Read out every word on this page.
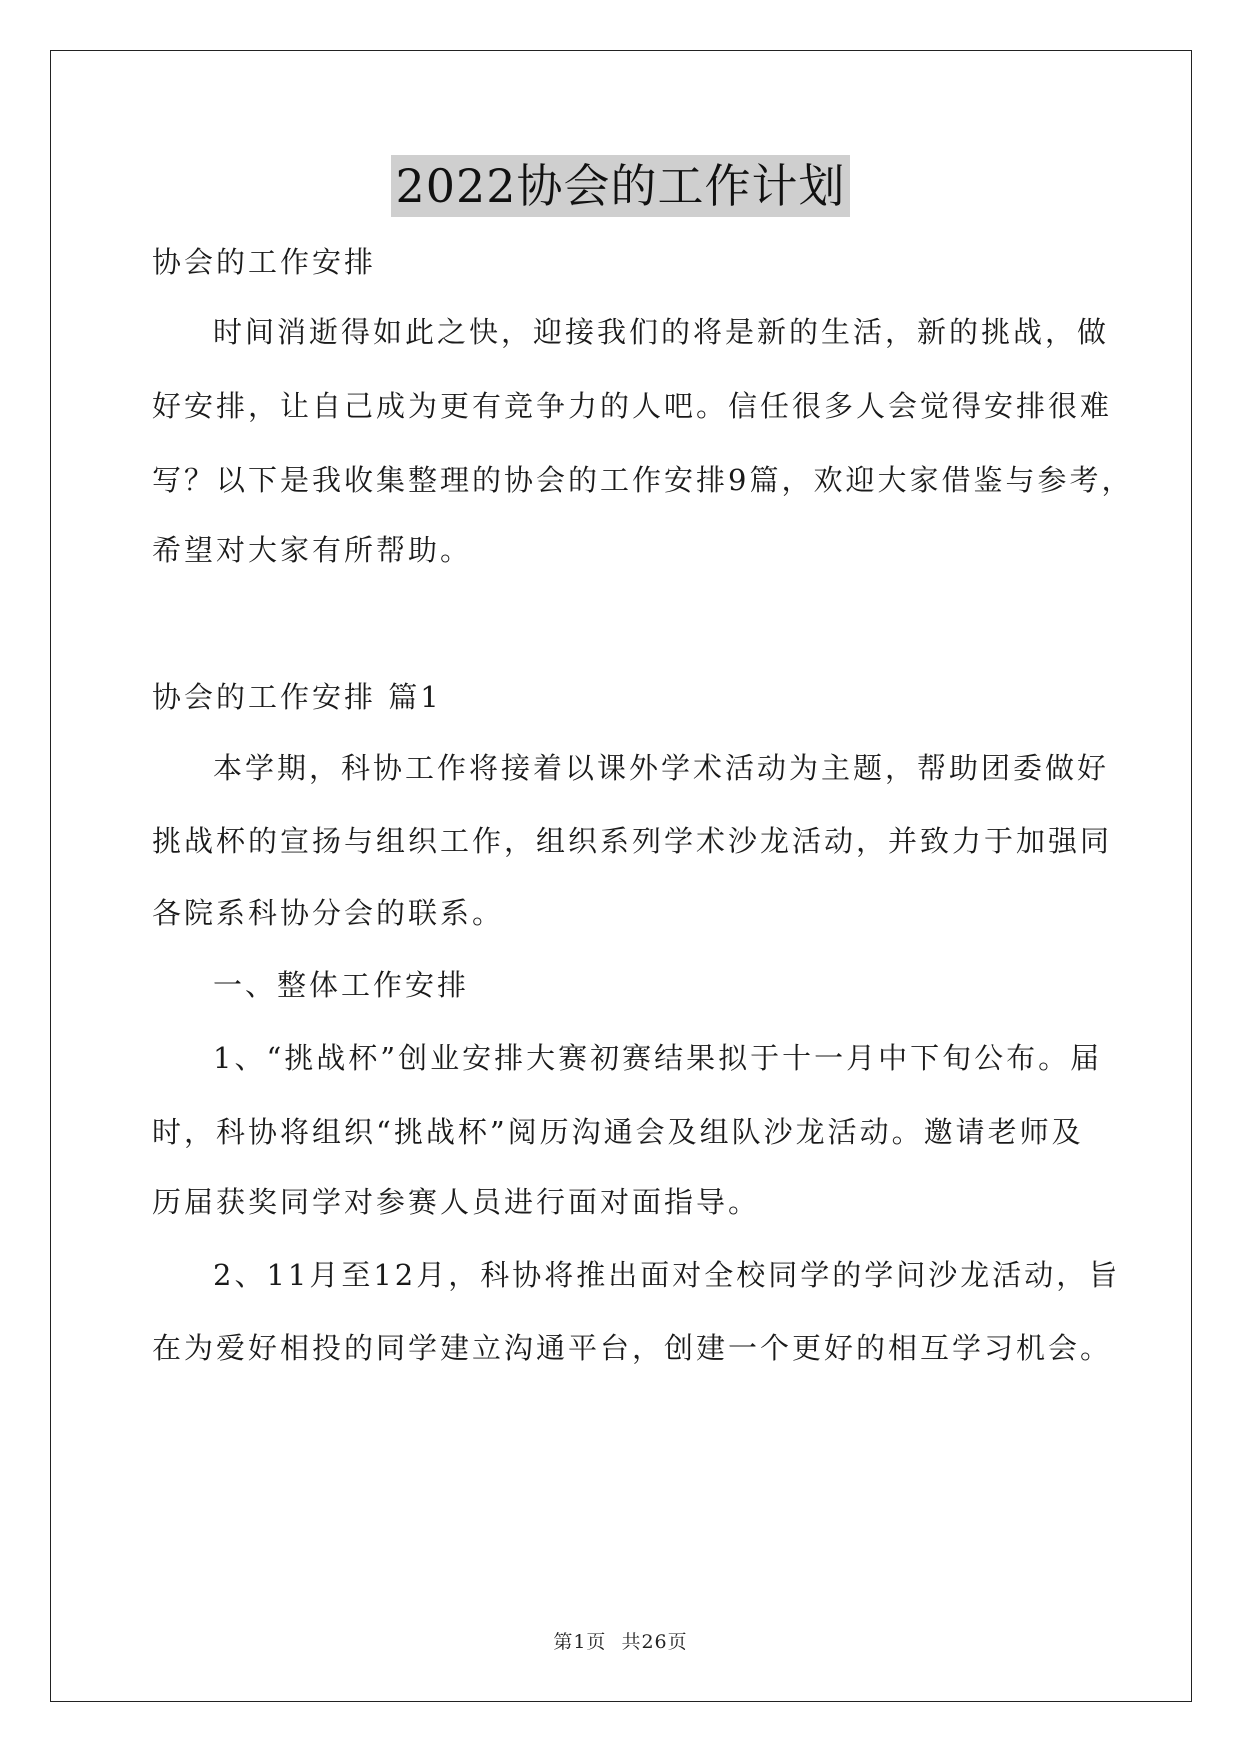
2022协会的工作计划
协会的工作安排
时间消逝得如此之快，迎接我们的将是新的生活，新的挑战，做
好安排，让自己成为更有竞争力的人吧。信任很多人会觉得安排很难
写？以下是我收集整理的协会的工作安排9篇，欢迎大家借鉴与参考，
希望对大家有所帮助。
协会的工作安排 篇1
本学期，科协工作将接着以课外学术活动为主题，帮助团委做好
挑战杯的宣扬与组织工作，组织系列学术沙龙活动，并致力于加强同
各院系科协分会的联系。
一、整体工作安排
1、“挑战杯”创业安排大赛初赛结果拟于十一月中下旬公布。届
时，科协将组织“挑战杯”阅历沟通会及组队沙龙活动。邀请老师及
历届获奖同学对参赛人员进行面对面指导。
2、11月至12月，科协将推出面对全校同学的学问沙龙活动，旨
在为爱好相投的同学建立沟通平台，创建一个更好的相互学习机会。
第1页 共26页
